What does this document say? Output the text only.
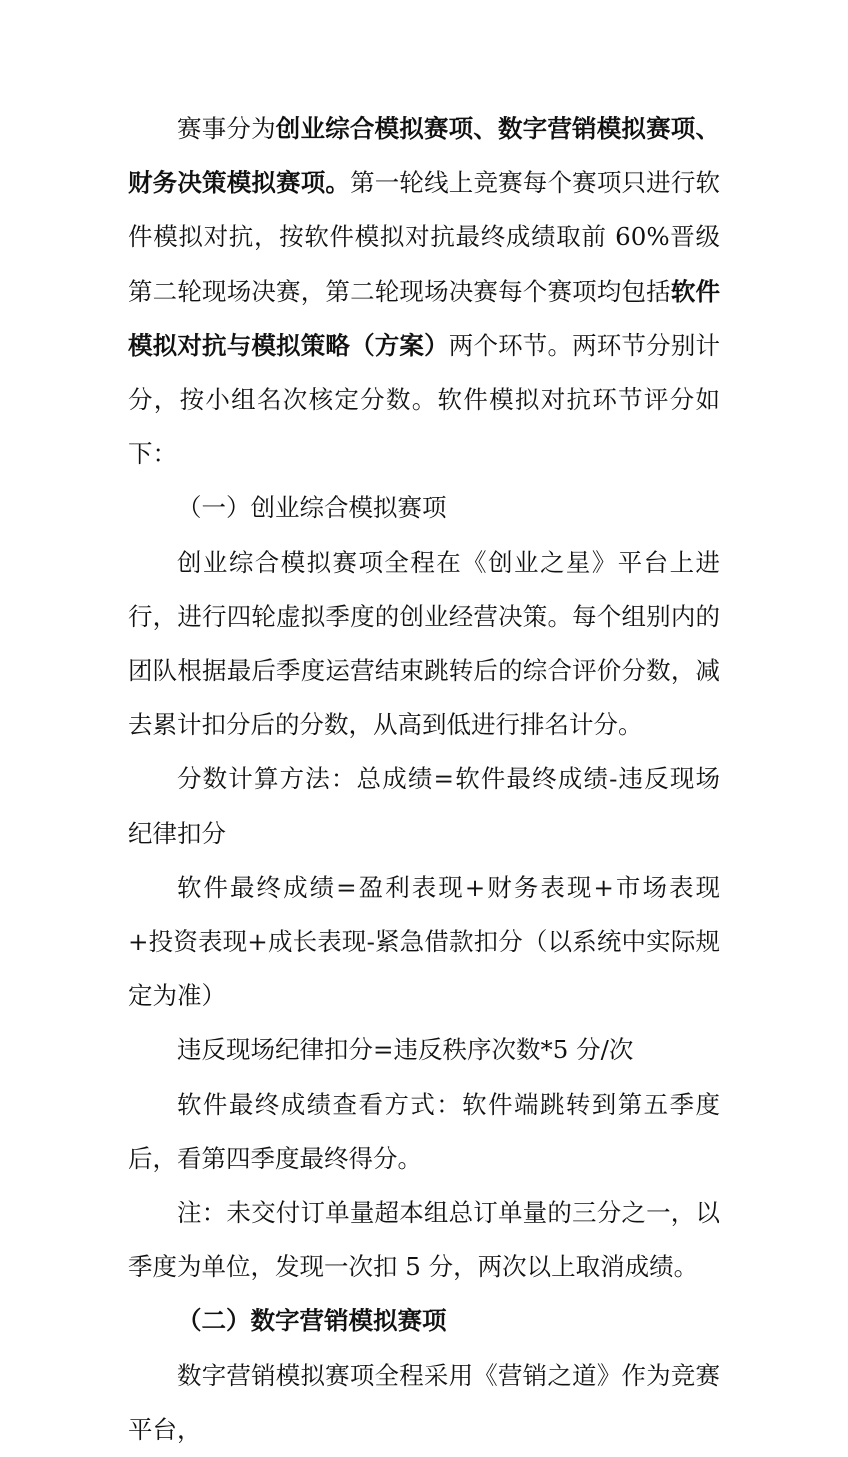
赛事分为创业综合模拟赛项、数字营销模拟赛项、财务决策模拟赛项。第一轮线上竞赛每个赛项只进行软件模拟对抗，按软件模拟对抗最终成绩取前 60%晋级第二轮现场决赛，第二轮现场决赛每个赛项均包括软件模拟对抗与模拟策略（方案）两个环节。两环节分别计分，按小组名次核定分数。软件模拟对抗环节评分如下：

（一）创业综合模拟赛项

创业综合模拟赛项全程在《创业之星》平台上进行，进行四轮虚拟季度的创业经营决策。每个组别内的团队根据最后季度运营结束跳转后的综合评价分数，减去累计扣分后的分数，从高到低进行排名计分。

分数计算方法：总成绩=软件最终成绩-违反现场纪律扣分

软件最终成绩=盈利表现+财务表现+市场表现+投资表现+成长表现-紧急借款扣分（以系统中实际规定为准）

违反现场纪律扣分=违反秩序次数*5 分/次

软件最终成绩查看方式：软件端跳转到第五季度后，看第四季度最终得分。

注：未交付订单量超本组总订单量的三分之一，以季度为单位，发现一次扣 5 分，两次以上取消成绩。

（二）数字营销模拟赛项

数字营销模拟赛项全程采用《营销之道》作为竞赛平台，
